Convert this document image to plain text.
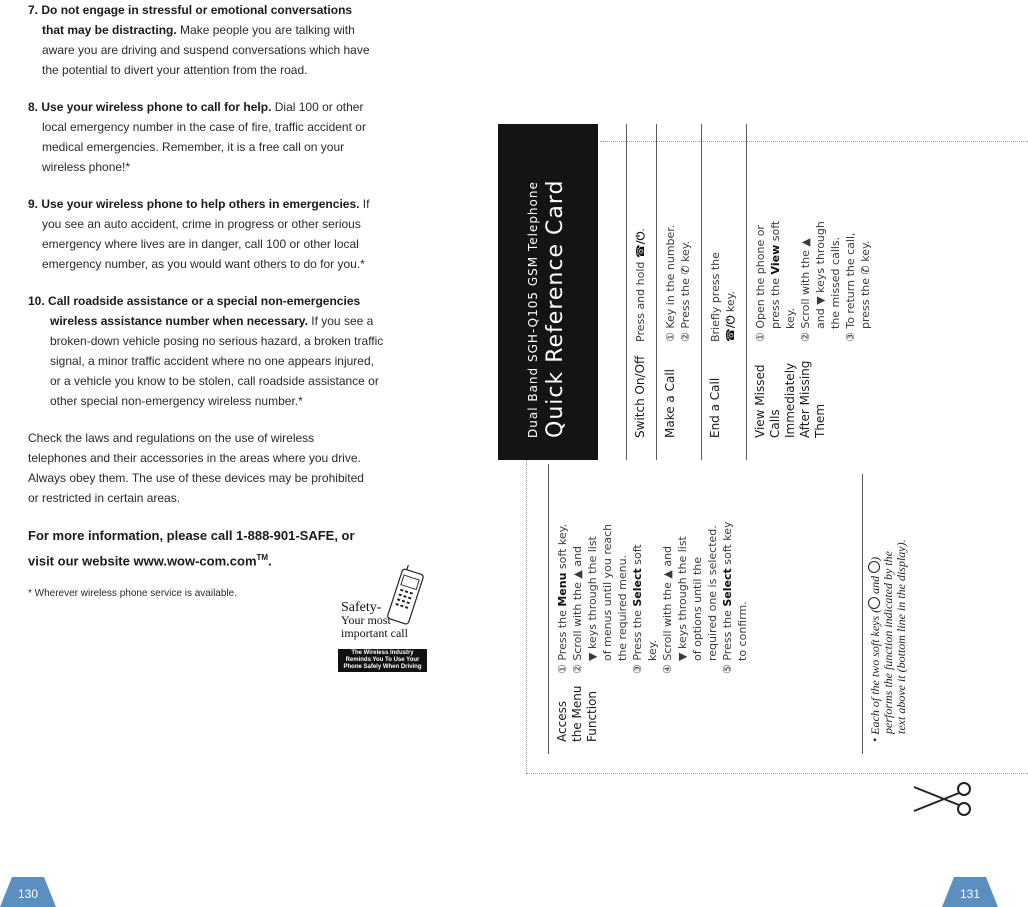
7. Do not engage in stressful or emotional conversations
that may be distracting. Make people you are talking with
aware you are driving and suspend conversations which have
the potential to divert your attention from the road.
8. Use your wireless phone to call for help. Dial 100 or other
local emergency number in the case of fire, traffic accident or
medical emergencies. Remember, it is a free call on your
wireless phone!*
9. Use your wireless phone to help others in emergencies. If
you see an auto accident, crime in progress or other serious
emergency where lives are in danger, call 100 or other local
emergency number, as you would want others to do for you.*
10. Call roadside assistance or a special non-emergencies
wireless assistance number when necessary. If you see a
broken-down vehicle posing no serious hazard, a broken traffic
signal, a minor traffic accident where no one appears injured,
or a vehicle you know to be stolen, call roadside assistance or
other special non-emergency wireless number.*
Check the laws and regulations on the use of wireless
telephones and their accessories in the areas where you drive.
Always obey them. The use of these devices may be prohibited
or restricted in certain areas.
For more information, please call 1-888-901-SAFE, or
visit our website www.wow-com.com™.
* Wherever wireless phone service is available.
Safety-
Your most
important call
The Wireless Industry
Reminds You To Use Your
Phone Safely When Driving
130	131
Access the Menu Function
① Press the Menu soft key. ② Scroll with the ▲ and ▼ keys through the list of menus until you reach the required menu. ③ Press the Select soft
key. ④ Scroll with the ▲ and ▼ keys through the list of options until the required one is selected. ⑤ Press the Select soft key
to confirm.	• Each of the two soft keys ( and ) performs the function indicated by the text above it (bottom line in the display).
Dual Band SGH-Q105 GSM Telephone Quick Reference Card	Switch On/Off
Press and hold ☎/⏻.
Make a Call
① Key in the number. ② Press the ✆ key.
End a Call
Briefly press the ☎/⏻ key.
View Missed Calls Immediately After Missing Them
① Open the phone or press the View soft
key. ② Scroll with the ▲ and ▼ keys through the missed calls. ③ To return the call, press the ✆ key.
